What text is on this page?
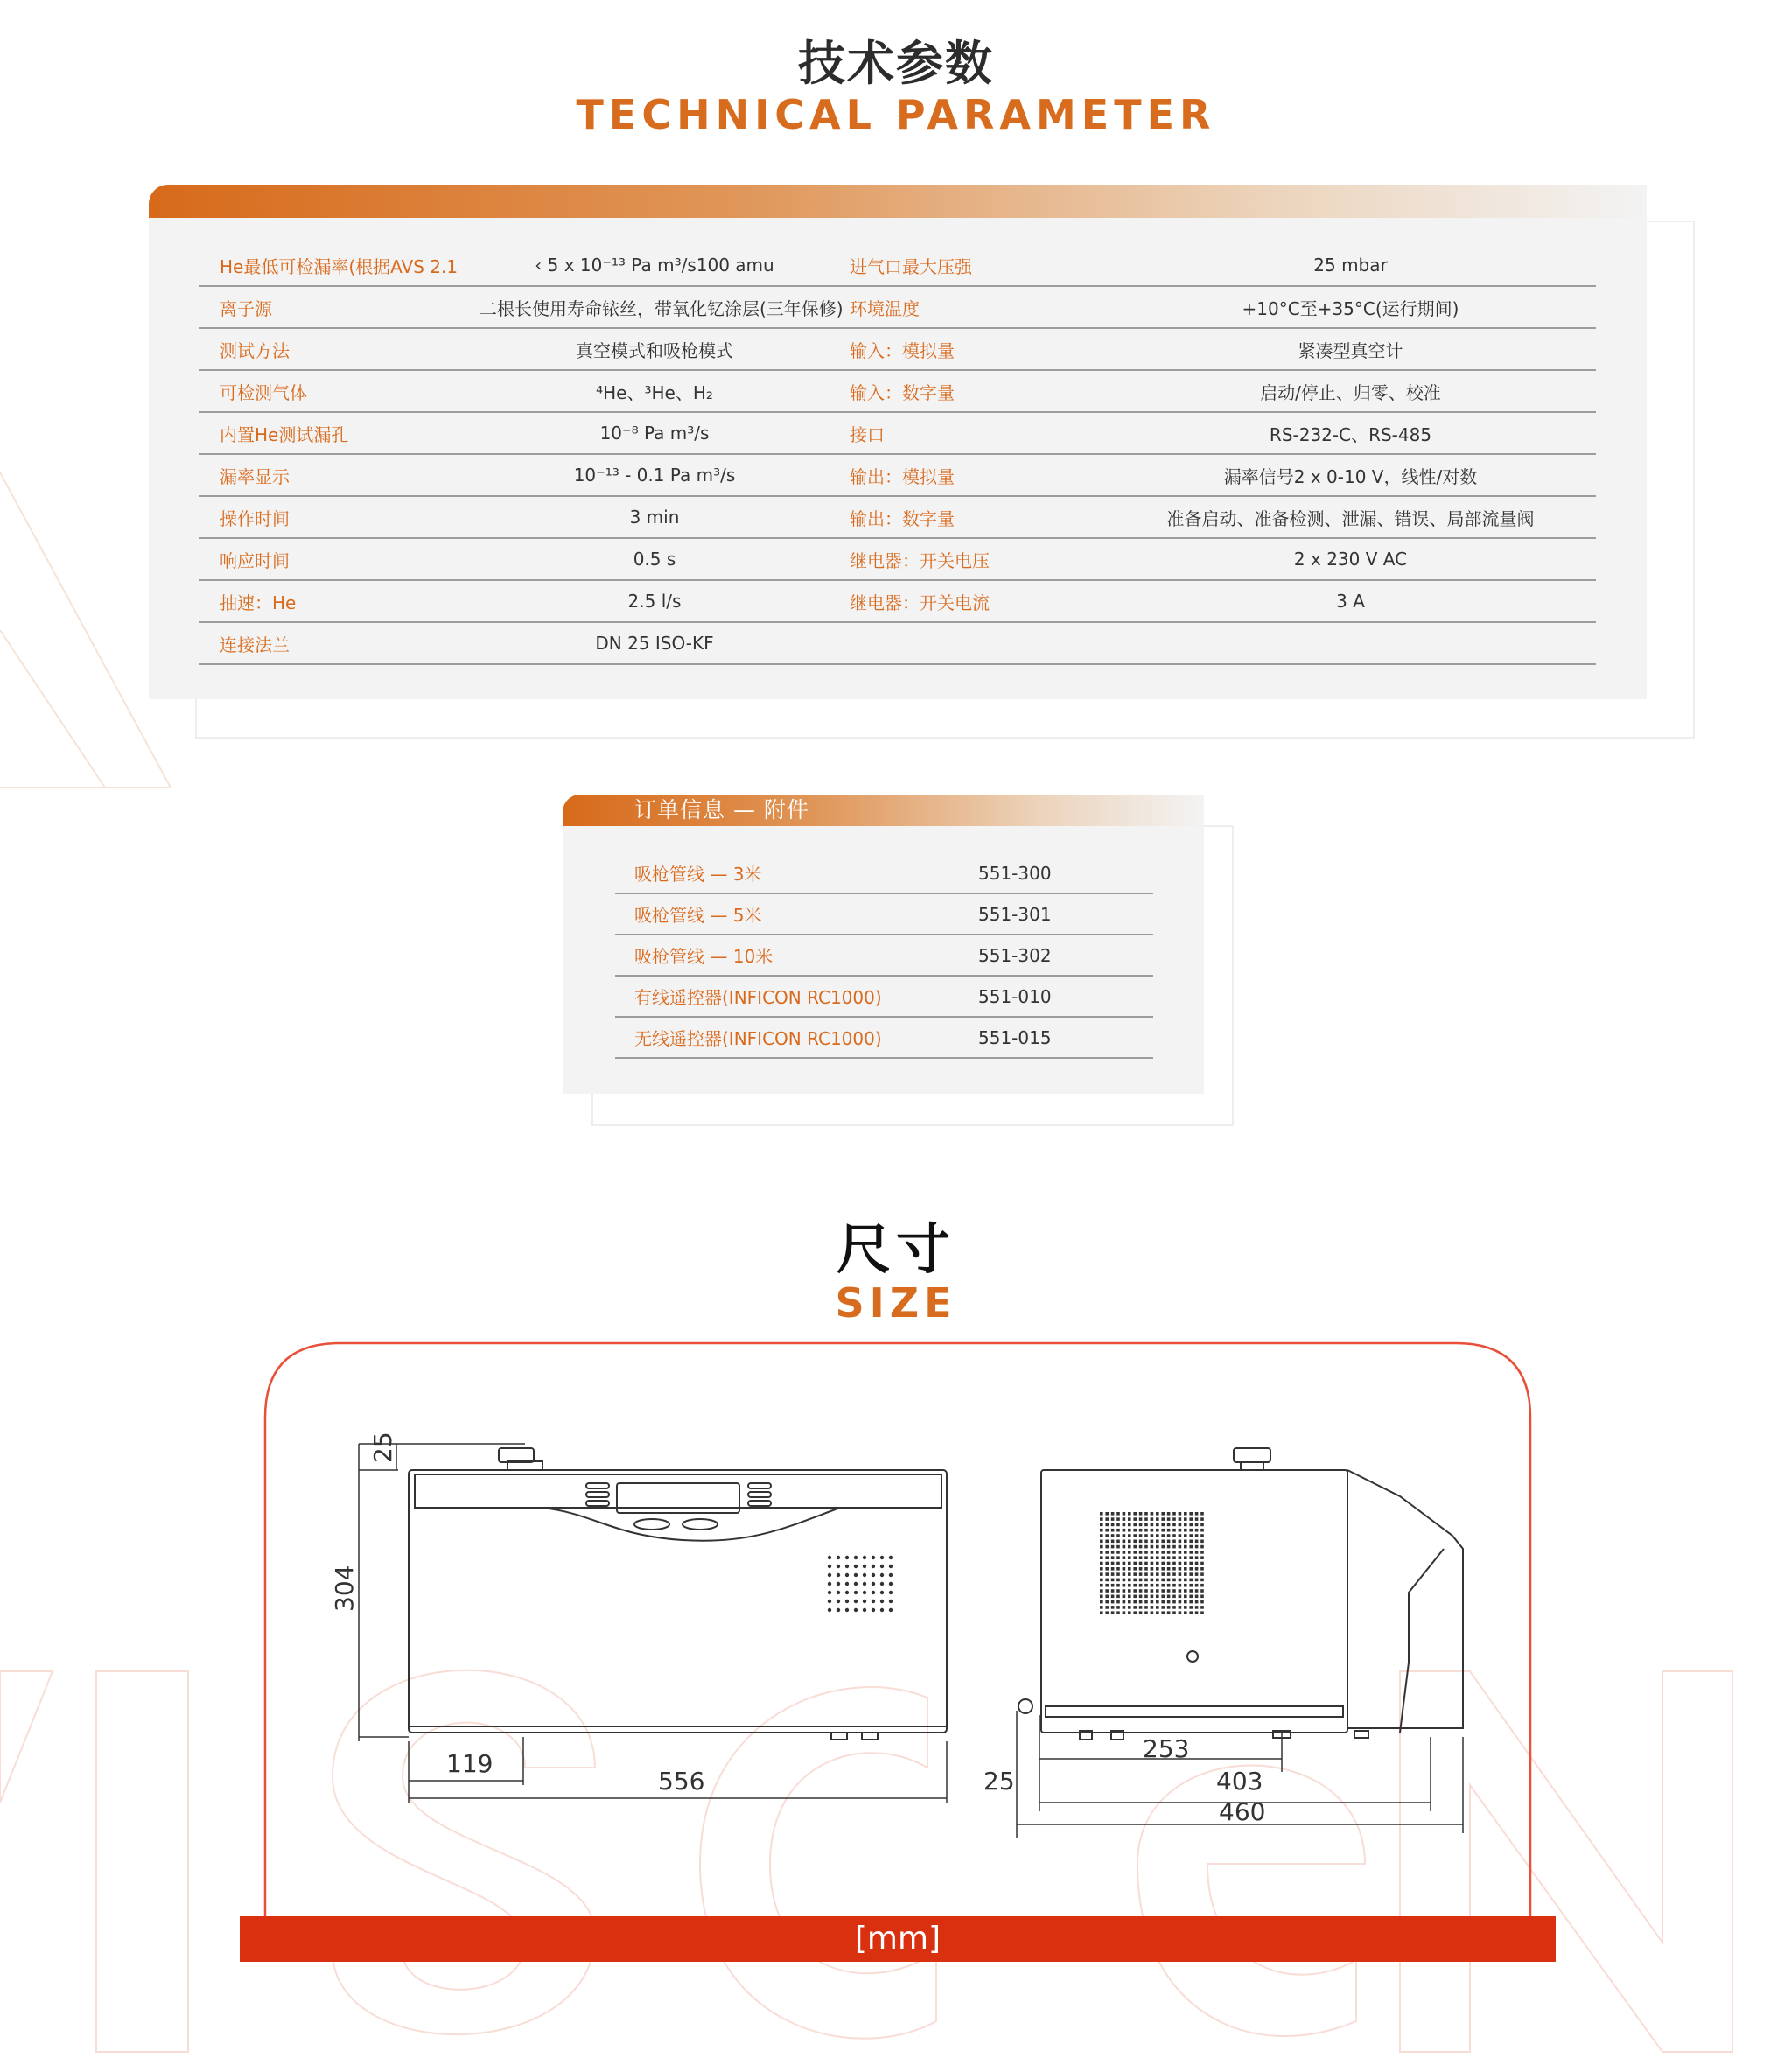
技术参数
TECHNICAL PARAMETER
He最低可检漏率(根据AVS 2.1	‹ 5 x 10⁻¹³ Pa m³/s100 amu	进气口最大压强	25 mbar
离子源	二根长使用寿命铱丝，带氧化钇涂层(三年保修)	环境温度	+10°C至+35°C(运行期间)
测试方法	真空模式和吸枪模式	输入：模拟量	紧凑型真空计
可检测气体	⁴He、³He、H₂	输入：数字量	启动/停止、归零、校准
内置He测试漏孔	10⁻⁸ Pa m³/s	接口	RS-232-C、RS-485
漏率显示	10⁻¹³ - 0.1 Pa m³/s	输出：模拟量	漏率信号2 x 0-10 V，线性/对数
操作时间	3 min	输出：数字量	准备启动、准备检测、泄漏、错误、局部流量阀
响应时间	0.5 s	继电器：开关电压	2 x 230 V AC
抽速：He	2.5 l/s	继电器：开关电流	3 A
连接法兰	DN 25 ISO-KF		
订单信息 — 附件
吸枪管线 — 3米	551-300
吸枪管线 — 5米	551-301
吸枪管线 — 10米	551-302
有线遥控器(INFICON RC1000)	551-010
无线遥控器(INFICON RC1000)	551-015
尺寸
SIZE
25
304
119
556	25
253
403
460
[mm]
